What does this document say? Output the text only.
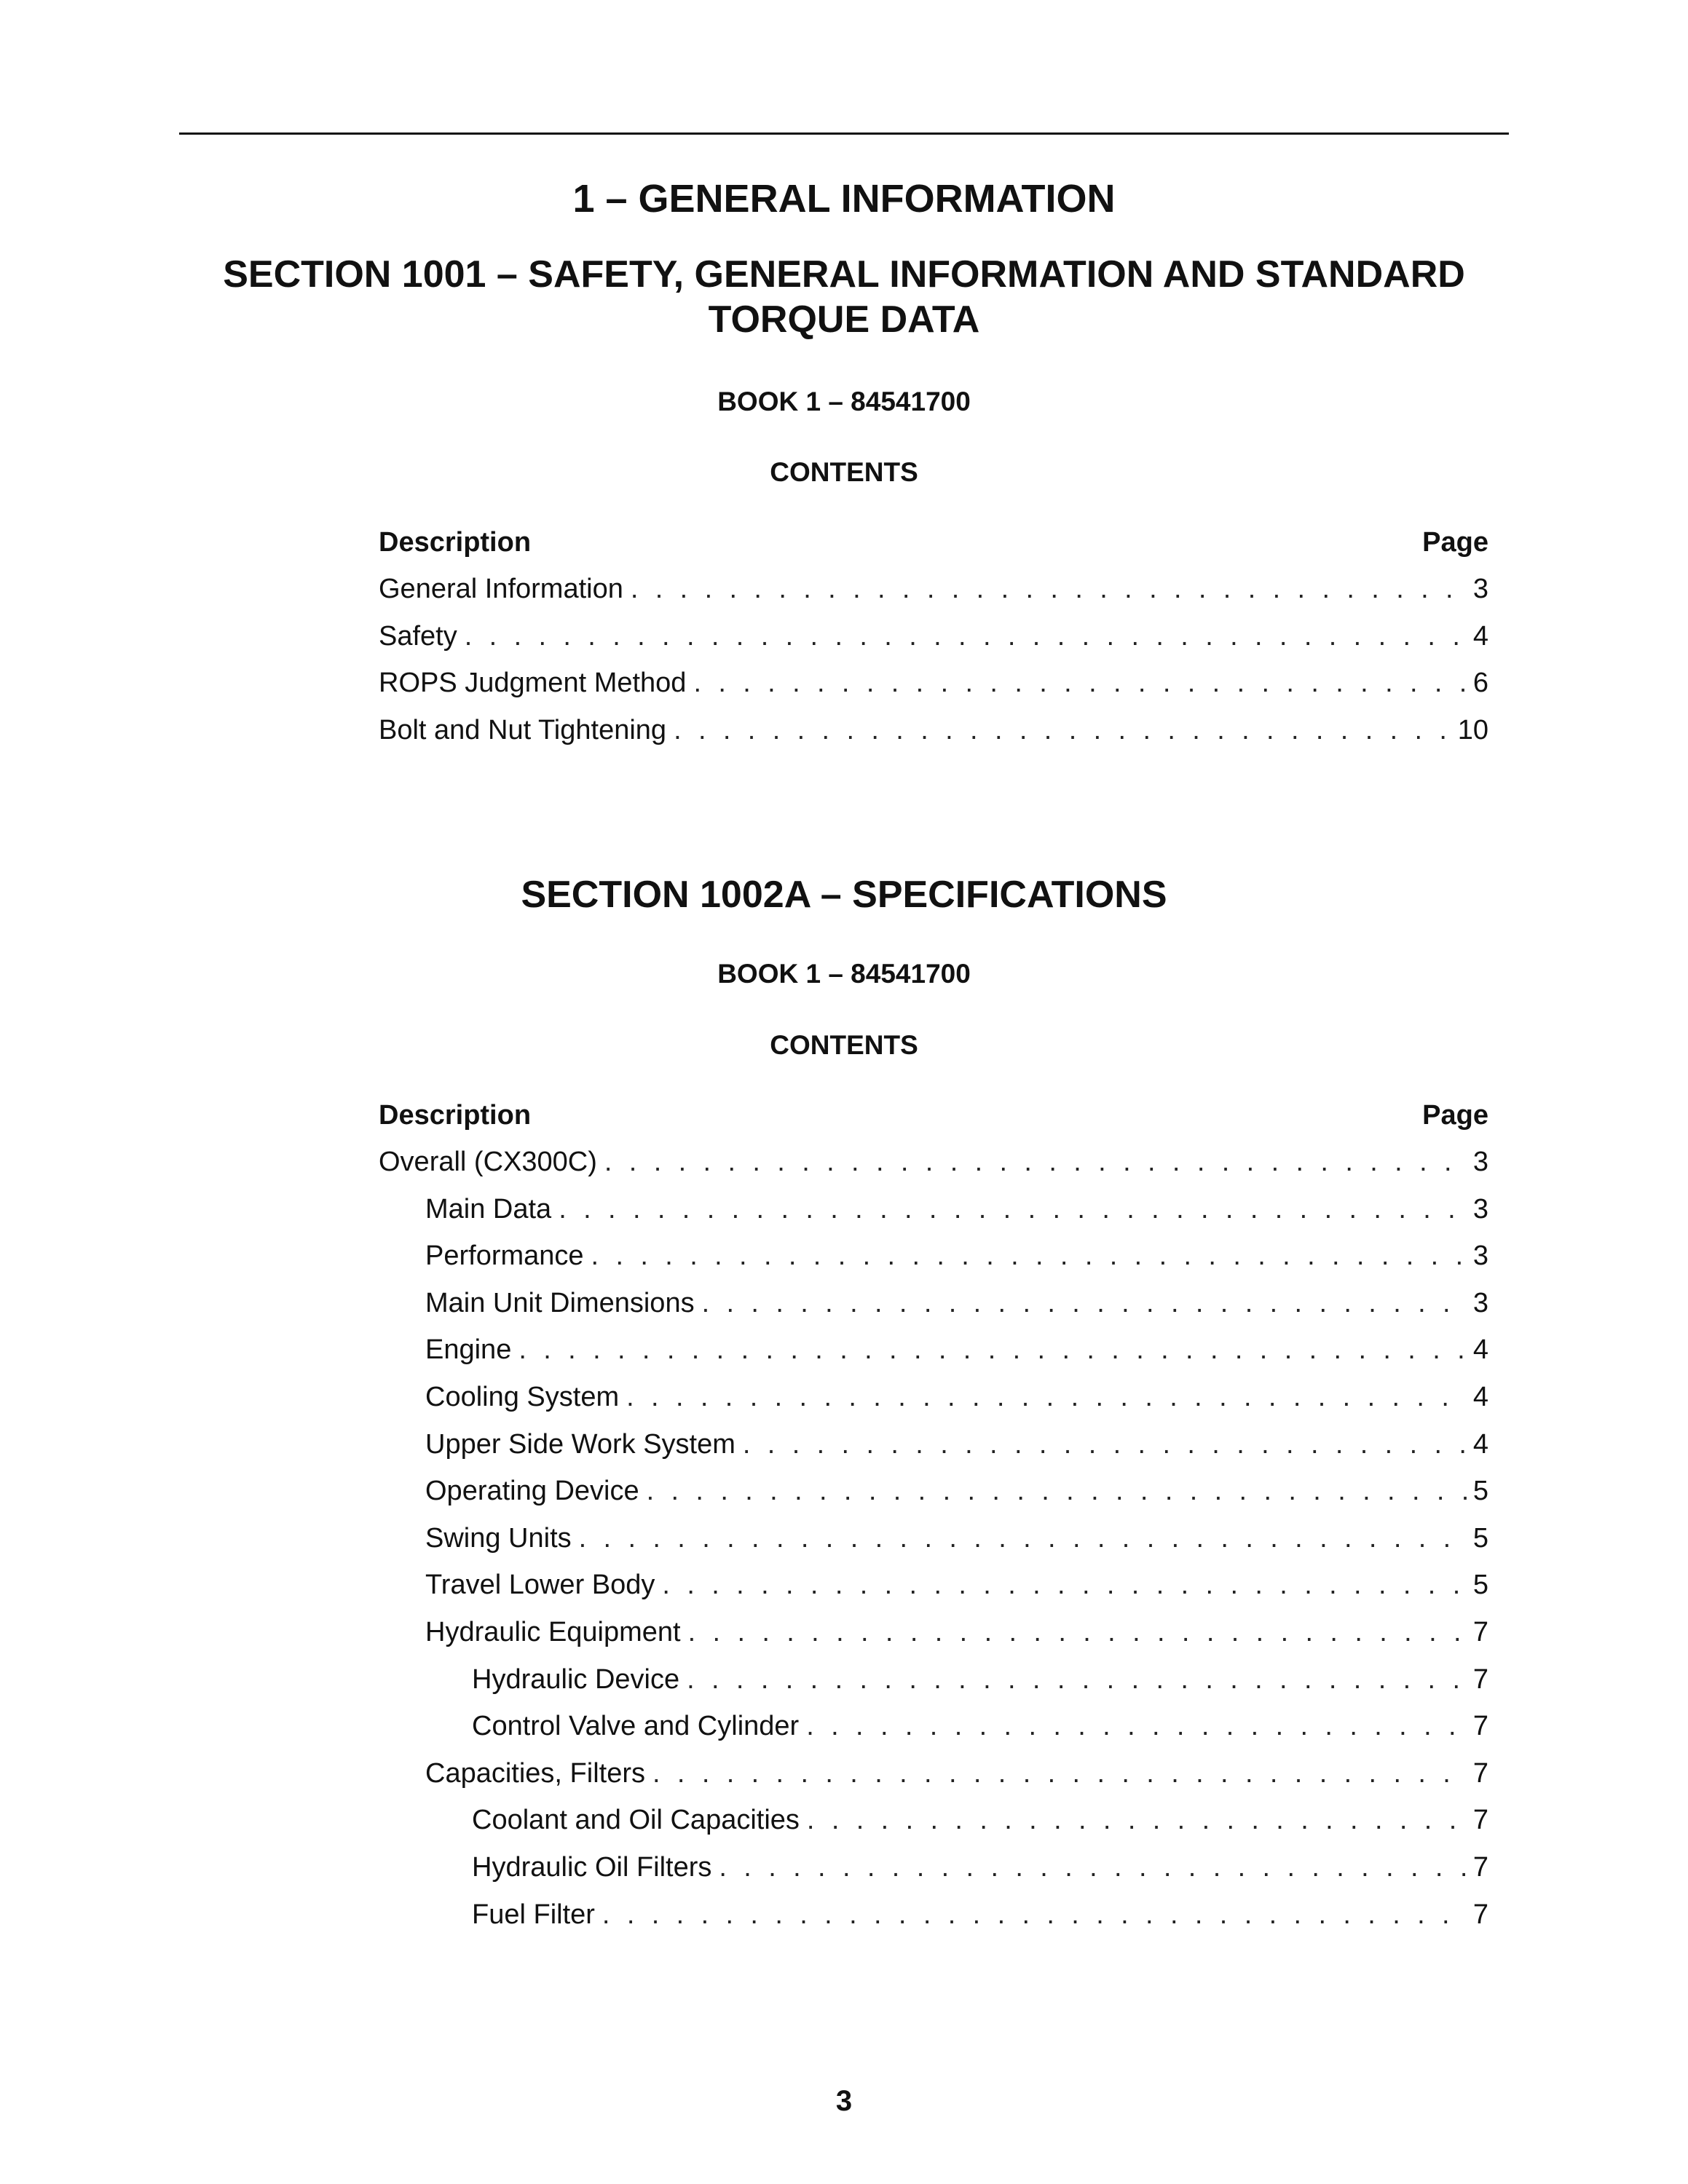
1 – GENERAL INFORMATION
SECTION 1001 – SAFETY, GENERAL INFORMATION AND STANDARD
TORQUE DATA
BOOK 1 – 84541700
CONTENTS
Description	Page
General Information . . .	3
Safety . . .	4
ROPS Judgment Method . . .	6
Bolt and Nut Tightening . . .	10
SECTION 1002A – SPECIFICATIONS
BOOK 1 – 84541700
CONTENTS
Description	Page
Overall (CX300C) . . .	3
Main Data . . .	3
Performance . . .	3
Main Unit Dimensions . . .	3
Engine . . .	4
Cooling System . . .	4
Upper Side Work System . . .	4
Operating Device . . .	5
Swing Units . . .	5
Travel Lower Body . . .	5
Hydraulic Equipment . . .	7
Hydraulic Device . . .	7
Control Valve and Cylinder . . .	7
Capacities, Filters . . .	7
Coolant and Oil Capacities . . .	7
Hydraulic Oil Filters . . .	7
Fuel Filter . . .	7
3
